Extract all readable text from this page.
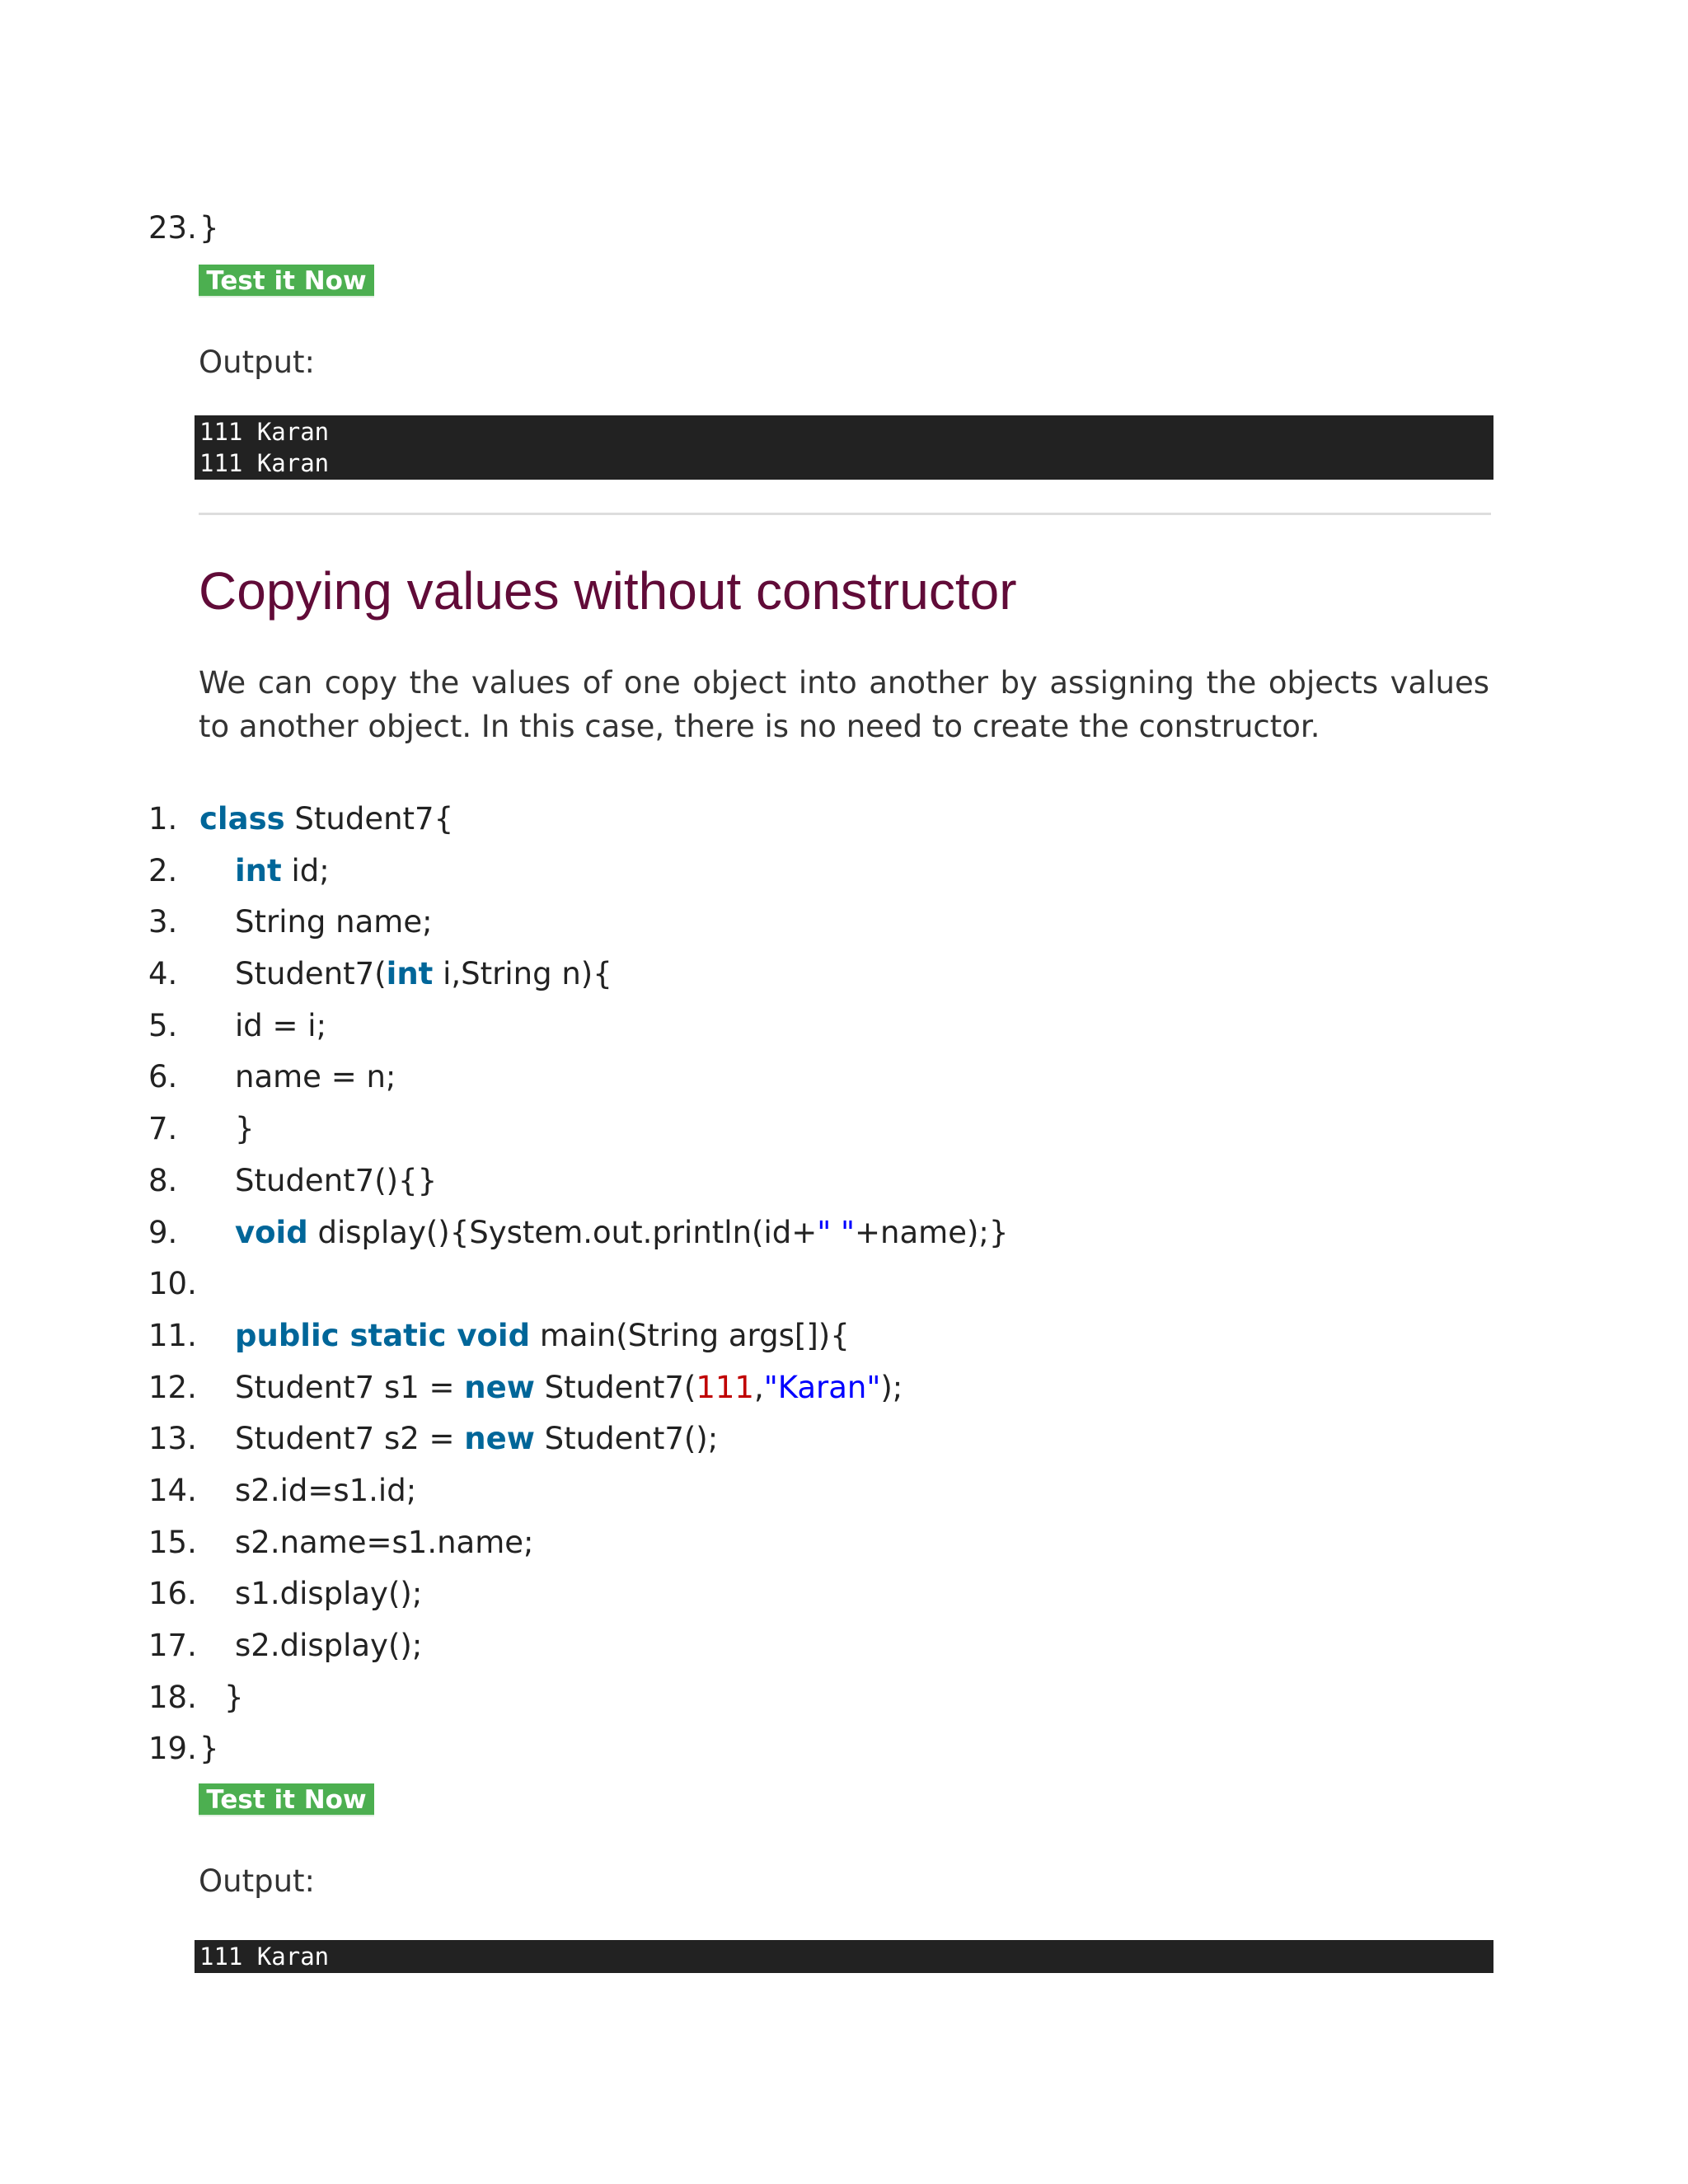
23. }
Test it Now
Output:
111 Karan
111 Karan
Copying values without constructor

We can copy the values of one object into another by assigning the objects values to another object. In this case, there is no need to create the constructor.

1. class Student7{
2.	int id;
3.	String name;
4.	Student7( int i,String n){
5.	id = i;
6.	name = n;
7.	}
8.	Student7(){}
9.	void display(){System.out.println(id+ " " +name);}
10.
11.	public static void main(String args[]){
12.	Student7 s1 = new Student7( 111 , "Karan" );
13.	Student7 s2 = new Student7();
14.	s2.id=s1.id;
15.	s2.name=s1.name;
16.	s1.display();
17.	s2.display();
18. }
19. }
Test it Now
Output:
111 Karan
